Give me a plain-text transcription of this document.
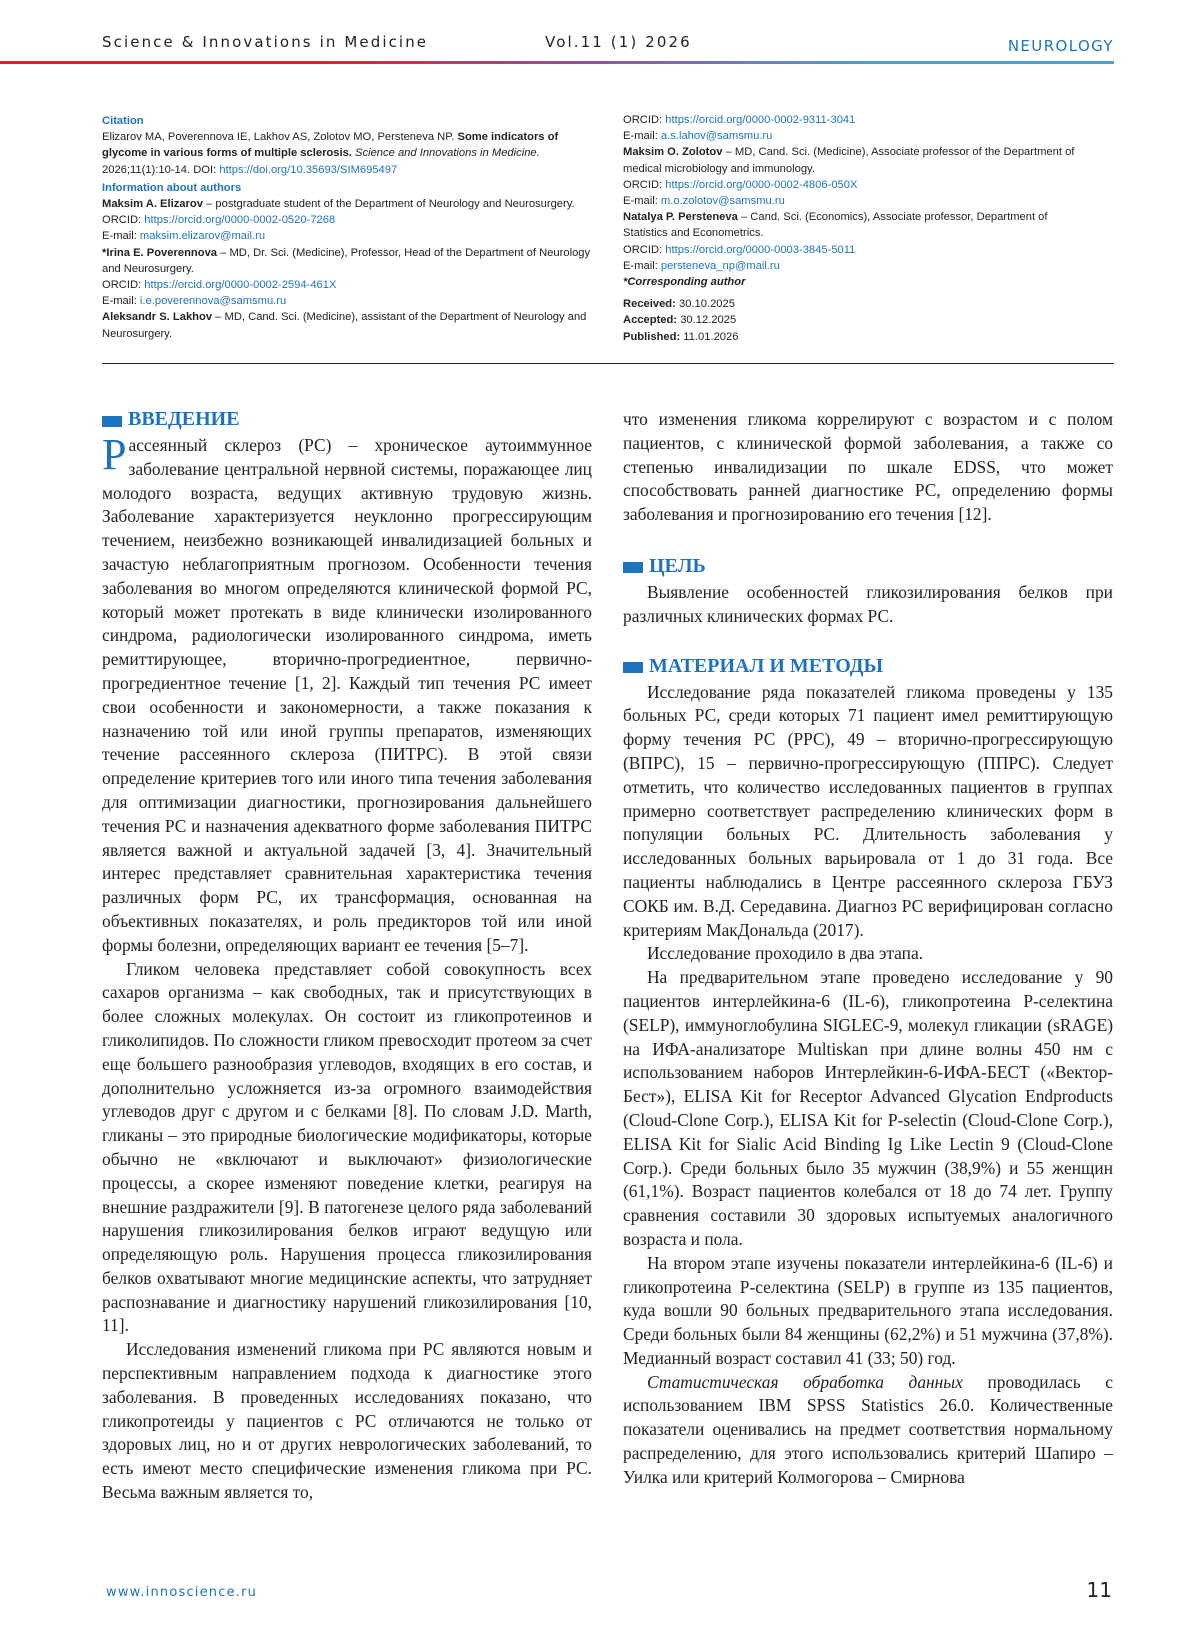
Science & Innovations in Medicine	Vol.11 (1) 2026	NEUROLOGY
Citation
Elizarov MA, Poverennova IE, Lakhov AS, Zolotov MO, Persteneva NP. Some indicators of glycome in various forms of multiple sclerosis. Science and Innovations in Medicine. 2026;11(1):10-14. DOI: https://doi.org/10.35693/SIM695497
Information about authors
Maksim A. Elizarov – postgraduate student of the Department of Neurology and Neurosurgery.
ORCID: https://orcid.org/0000-0002-0520-7268
E-mail: maksim.elizarov@mail.ru
*Irina E. Poverennova – MD, Dr. Sci. (Medicine), Professor, Head of the Department of Neurology and Neurosurgery.
ORCID: https://orcid.org/0000-0002-2594-461X
E-mail: i.e.poverennova@samsmu.ru
Aleksandr S. Lakhov – MD, Cand. Sci. (Medicine), assistant of the Department of Neurology and Neurosurgery.
ORCID: https://orcid.org/0000-0002-9311-3041
E-mail: a.s.lahov@samsmu.ru
Maksim O. Zolotov – MD, Cand. Sci. (Medicine), Associate professor of the Department of medical microbiology and immunology.
ORCID: https://orcid.org/0000-0002-4806-050X
E-mail: m.o.zolotov@samsmu.ru
Natalya P. Persteneva – Cand. Sci. (Economics), Associate professor, Department of Statistics and Econometrics.
ORCID: https://orcid.org/0000-0003-3845-5011
E-mail: persteneva_np@mail.ru
*Corresponding author
Received: 30.10.2025
Accepted: 30.12.2025
Published: 11.01.2026
ВВЕДЕНИЕ

Рассеянный склероз (РС) – хроническое аутоиммунное заболевание центральной нервной системы, поражающее лиц молодого возраста, ведущих активную трудовую жизнь. Заболевание характеризуется неуклонно прогрессирующим течением, неизбежно возникающей инвалидизацией больных и зачастую неблагоприятным прогнозом. Особенности течения заболевания во многом определяются клинической формой РС, который может протекать в виде клинически изолированного синдрома, радиологически изолированного синдрома, иметь ремиттирующее, вторично-прогредиентное, первично-прогредиентное течение [1, 2]. Каждый тип течения РС имеет свои особенности и закономерности, а также показания к назначению той или иной группы препаратов, изменяющих течение рассеянного склероза (ПИТРС). В этой связи определение критериев того или иного типа течения заболевания для оптимизации диагностики, прогнозирования дальнейшего течения РС и назначения адекватного форме заболевания ПИТРС является важной и актуальной задачей [3, 4]. Значительный интерес представляет сравнительная характеристика течения различных форм РС, их трансформация, основанная на объективных показателях, и роль предикторов той или иной формы болезни, определяющих вариант ее течения [5–7].

Гликом человека представляет собой совокупность всех сахаров организма – как свободных, так и присутствующих в более сложных молекулах. Он состоит из гликопротеинов и гликолипидов. По сложности гликом превосходит протеом за счет еще большего разнообразия углеводов, входящих в его состав, и дополнительно усложняется из-за огромного взаимодействия углеводов друг с другом и с белками [8]. По словам J.D. Marth, гликаны – это природные биологические модификаторы, которые обычно не «включают и выключают» физиологические процессы, а скорее изменяют поведение клетки, реагируя на внешние раздражители [9]. В патогенезе целого ряда заболеваний нарушения гликозилирования белков играют ведущую или определяющую роль. Нарушения процесса гликозилирования белков охватывают многие медицинские аспекты, что затрудняет распознавание и диагностику нарушений гликозилирования [10, 11].

Исследования изменений гликома при РС являются новым и перспективным направлением подхода к диагностике этого заболевания. В проведенных исследованиях показано, что гликопротеиды у пациентов с РС отличаются не только от здоровых лиц, но и от других неврологических заболеваний, то есть имеют место специфические изменения гликома при РС. Весьма важным является то,

что изменения гликома коррелируют с возрастом и с полом пациентов, с клинической формой заболевания, а также со степенью инвалидизации по шкале EDSS, что может способствовать ранней диагностике РС, определению формы заболевания и прогнозированию его течения [12].

ЦЕЛЬ

Выявление особенностей гликозилирования белков при различных клинических формах РС.

МАТЕРИАЛ И МЕТОДЫ

Исследование ряда показателей гликома проведены у 135 больных РС, среди которых 71 пациент имел ремиттирующую форму течения РС (РРС), 49 – вторично-прогрессирующую (ВПРС), 15 – первично-прогрессирующую (ППРС). Следует отметить, что количество исследованных пациентов в группах примерно соответствует распределению клинических форм в популяции больных РС. Длительность заболевания у исследованных больных варьировала от 1 до 31 года. Все пациенты наблюдались в Центре рассеянного склероза ГБУЗ СОКБ им. В.Д. Середавина. Диагноз РС верифицирован согласно критериям МакДональда (2017).

Исследование проходило в два этапа.

На предварительном этапе проведено исследование у 90 пациентов интерлейкина-6 (IL-6), гликопротеина Р-селектина (SELP), иммуноглобулина SIGLEC-9, молекул гликации (sRAGE) на ИФА-анализаторе Multiskan при длине волны 450 нм с использованием наборов Интерлейкин-6-ИФА-БЕСТ («Вектор-Бест»), ELISA Kit for Receptor Advanced Glycation Endproducts (Cloud-Clone Corp.), ELISA Kit for P-selectin (Cloud-Clone Corp.), ELISA Kit for Sialic Acid Binding Ig Like Lectin 9 (Cloud-Clone Corp.). Среди больных было 35 мужчин (38,9%) и 55 женщин (61,1%). Возраст пациентов колебался от 18 до 74 лет. Группу сравнения составили 30 здоровых испытуемых аналогичного возраста и пола.

На втором этапе изучены показатели интерлейкина-6 (IL-6) и гликопротеина Р-селектина (SELP) в группе из 135 пациентов, куда вошли 90 больных предварительного этапа исследования. Среди больных были 84 женщины (62,2%) и 51 мужчина (37,8%). Медианный возраст составил 41 (33; 50) год.

Статистическая обработка данных проводилась с использованием IBM SPSS Statistics 26.0. Количественные показатели оценивались на предмет соответствия нормальному распределению, для этого использовались критерий Шапиро – Уилка или критерий Колмогорова – Смирнова

www.innoscience.ru	11
